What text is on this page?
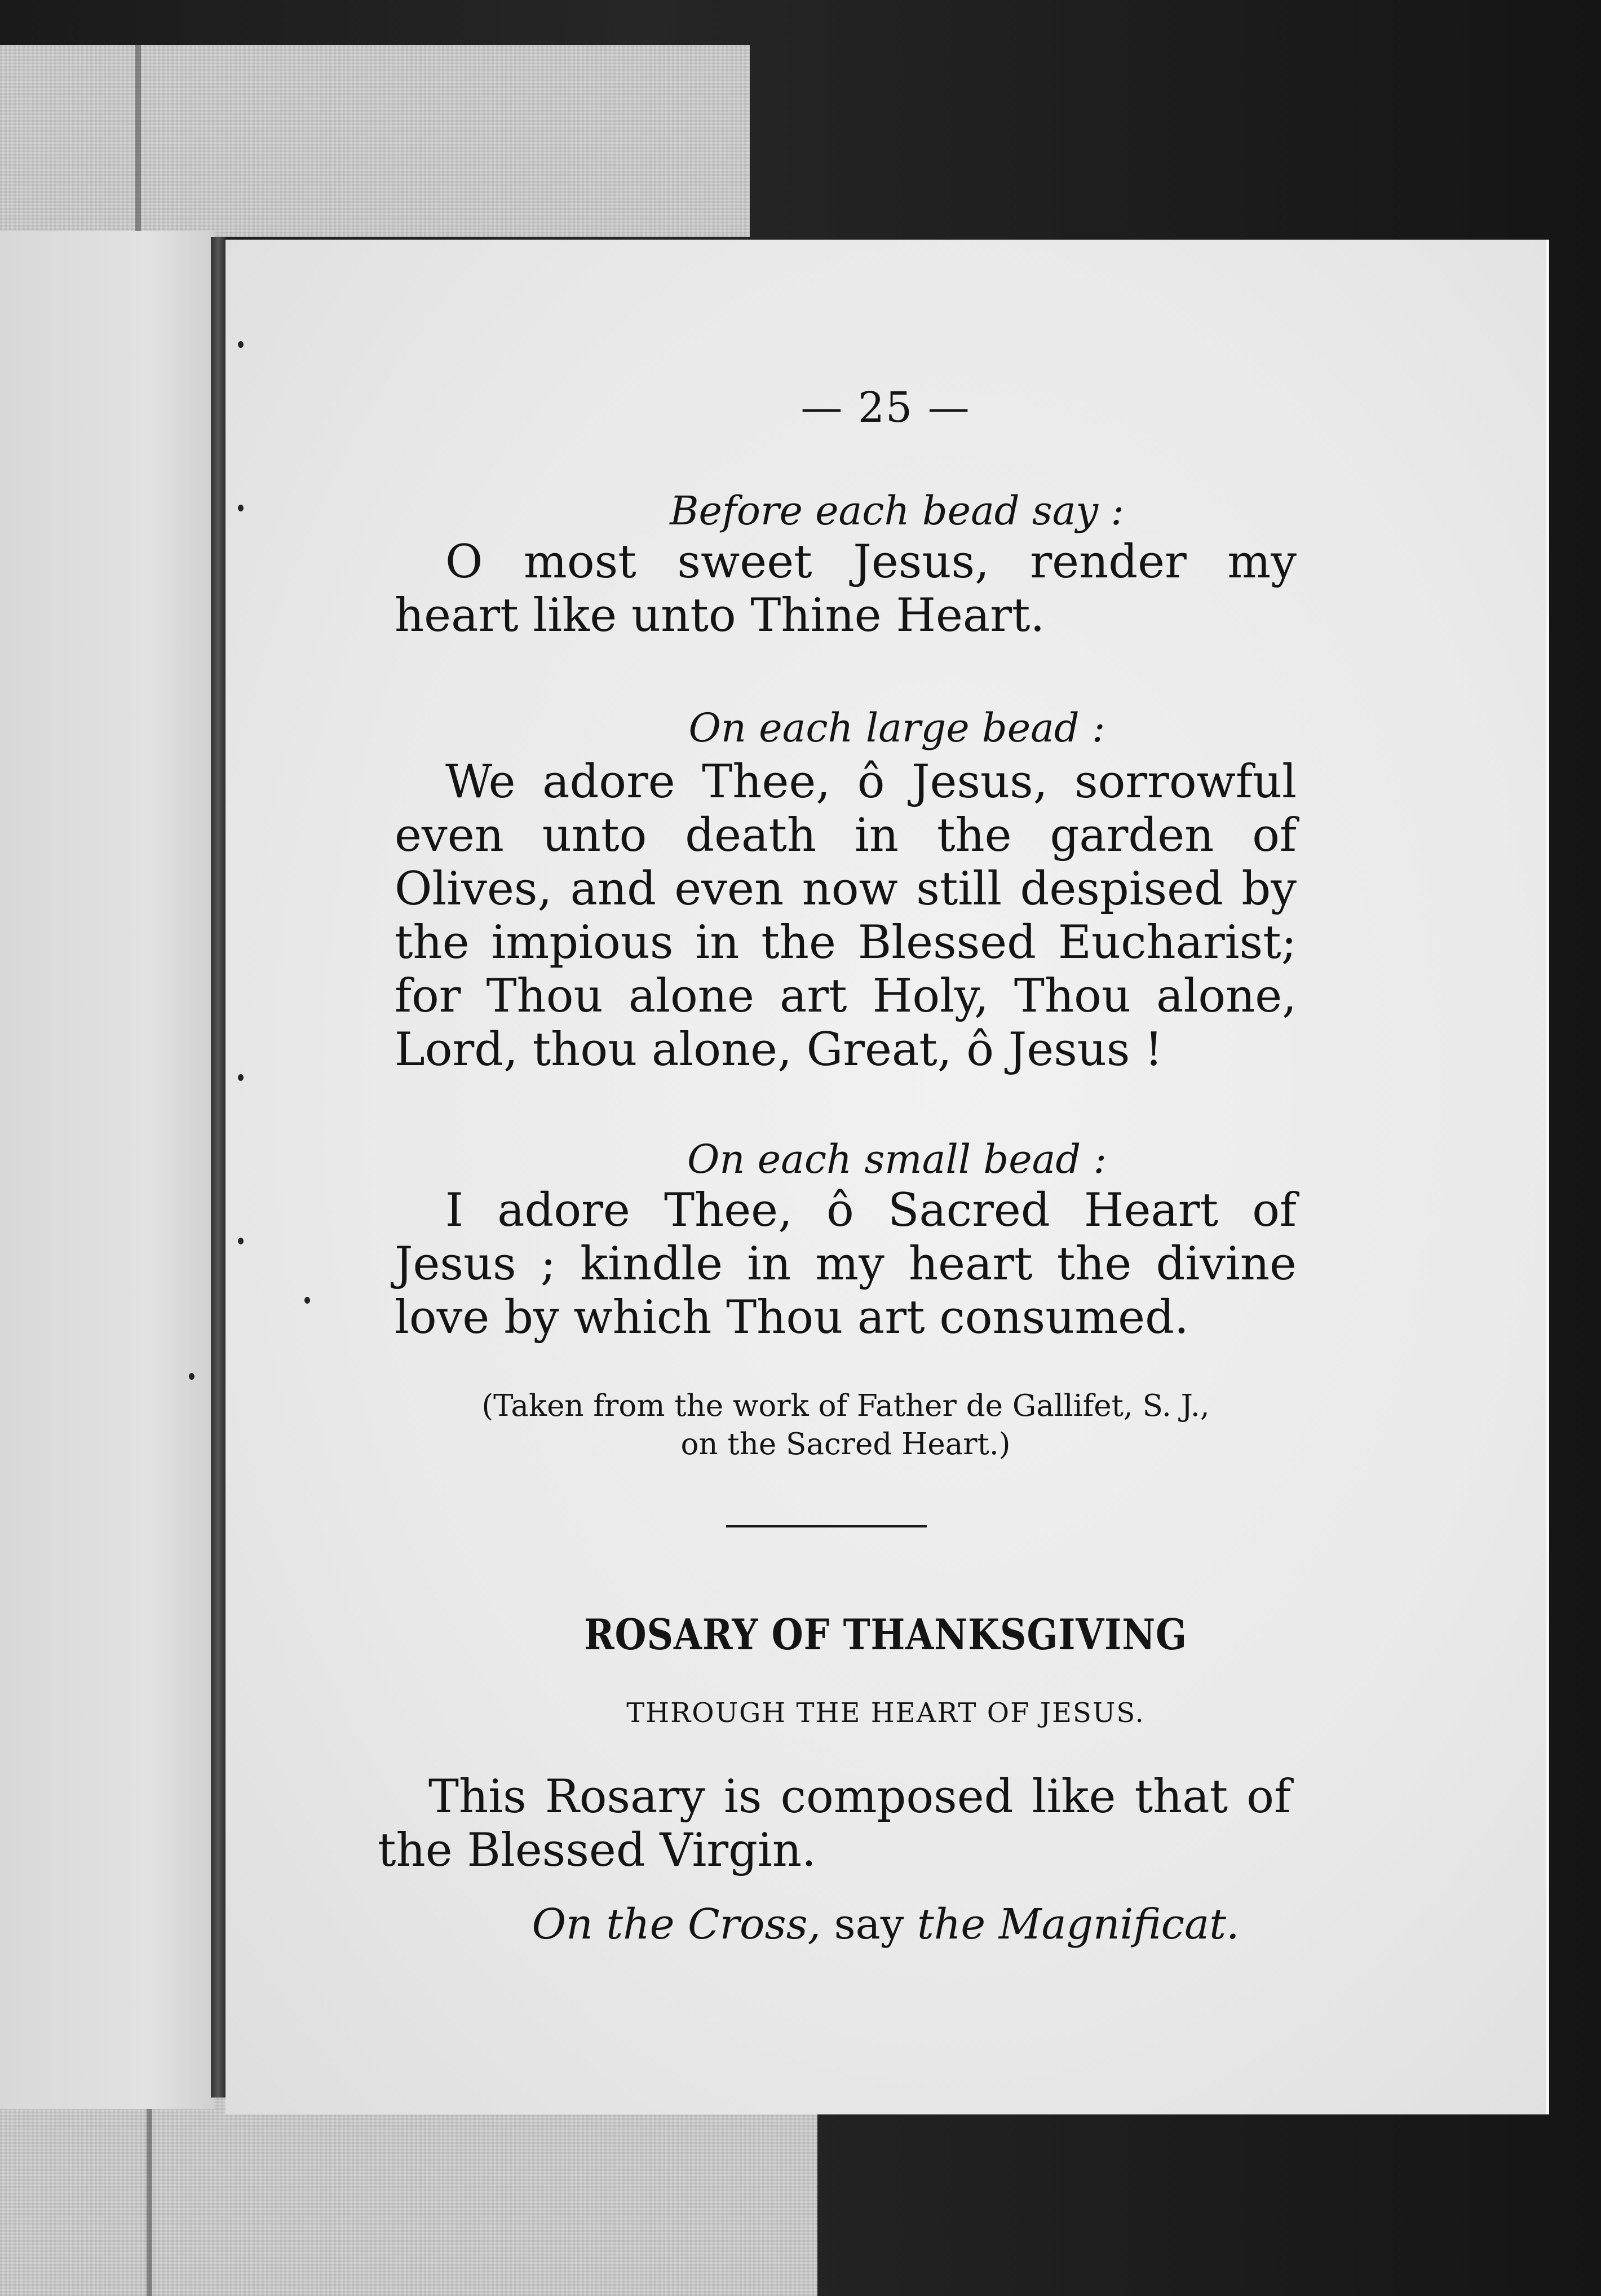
— 25 —
Before each bead say :
O most sweet Jesus, render my heart like unto Thine Heart.
On each large bead :
We adore Thee, ô Jesus, sorrowful even unto death in the garden of Olives, and even now still despised by the impious in the Blessed Eucharist; for Thou alone art Holy, Thou alone, Lord, thou alone, Great, ô Jesus !
On each small bead :
I adore Thee, ô Sacred Heart of Jesus ; kindle in my heart the divine love by which Thou art consumed.
(Taken from the work of Father de Gallifet, S. J.,
on the Sacred Heart.)
ROSARY OF THANKSGIVING
THROUGH THE HEART OF JESUS.
This Rosary is composed like that of the Blessed Virgin.
On the Cross, say the Magnificat.
